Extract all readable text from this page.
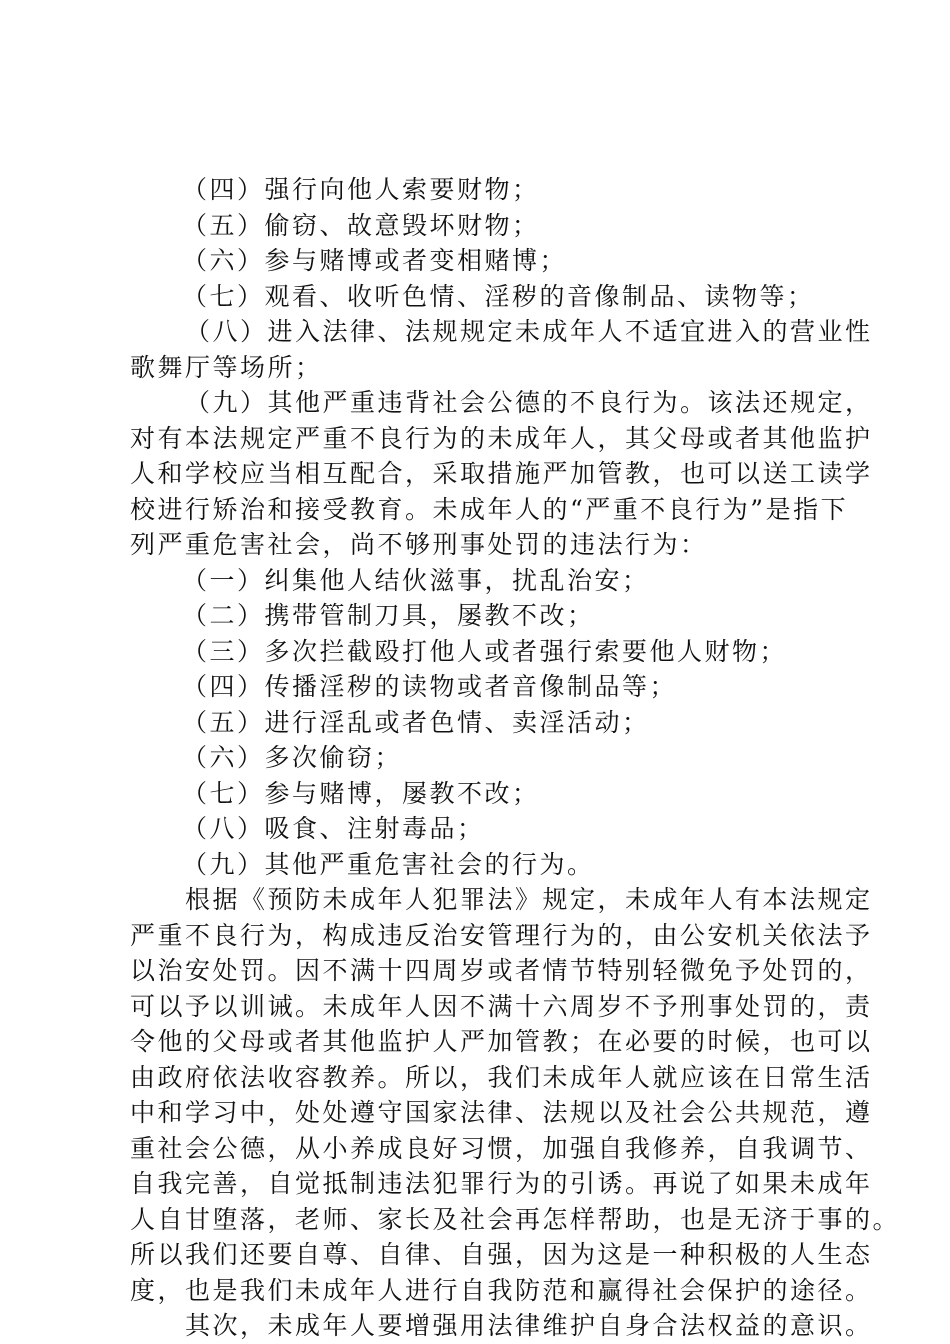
（四）强行向他人索要财物；
（五）偷窃、故意毁坏财物；
（六）参与赌博或者变相赌博；
（七）观看、收听色情、淫秽的音像制品、读物等；
（八）进入法律、法规规定未成年人不适宜进入的营业性
歌舞厅等场所；
（九）其他严重违背社会公德的不良行为。该法还规定，
对有本法规定严重不良行为的未成年人，其父母或者其他监护
人和学校应当相互配合，采取措施严加管教，也可以送工读学
校进行矫治和接受教育。未成年人的“严重不良行为”是指下
列严重危害社会，尚不够刑事处罚的违法行为：
（一）纠集他人结伙滋事，扰乱治安；
（二）携带管制刀具，屡教不改；
（三）多次拦截殴打他人或者强行索要他人财物；
（四）传播淫秽的读物或者音像制品等；
（五）进行淫乱或者色情、卖淫活动；
（六）多次偷窃；
（七）参与赌博，屡教不改；
（八）吸食、注射毒品；
（九）其他严重危害社会的行为。
根据《预防未成年人犯罪法》规定，未成年人有本法规定
严重不良行为，构成违反治安管理行为的，由公安机关依法予
以治安处罚。因不满十四周岁或者情节特别轻微免予处罚的，
可以予以训诫。未成年人因不满十六周岁不予刑事处罚的，责
令他的父母或者其他监护人严加管教；在必要的时候，也可以
由政府依法收容教养。所以，我们未成年人就应该在日常生活
中和学习中，处处遵守国家法律、法规以及社会公共规范，遵
重社会公德，从小养成良好习惯，加强自我修养，自我调节、
自我完善，自觉抵制违法犯罪行为的引诱。再说了如果未成年
人自甘堕落，老师、家长及社会再怎样帮助，也是无济于事的。
所以我们还要自尊、自律、自强，因为这是一种积极的人生态
度，也是我们未成年人进行自我防范和赢得社会保护的途径。
其次，未成年人要增强用法律维护自身合法权益的意识。
